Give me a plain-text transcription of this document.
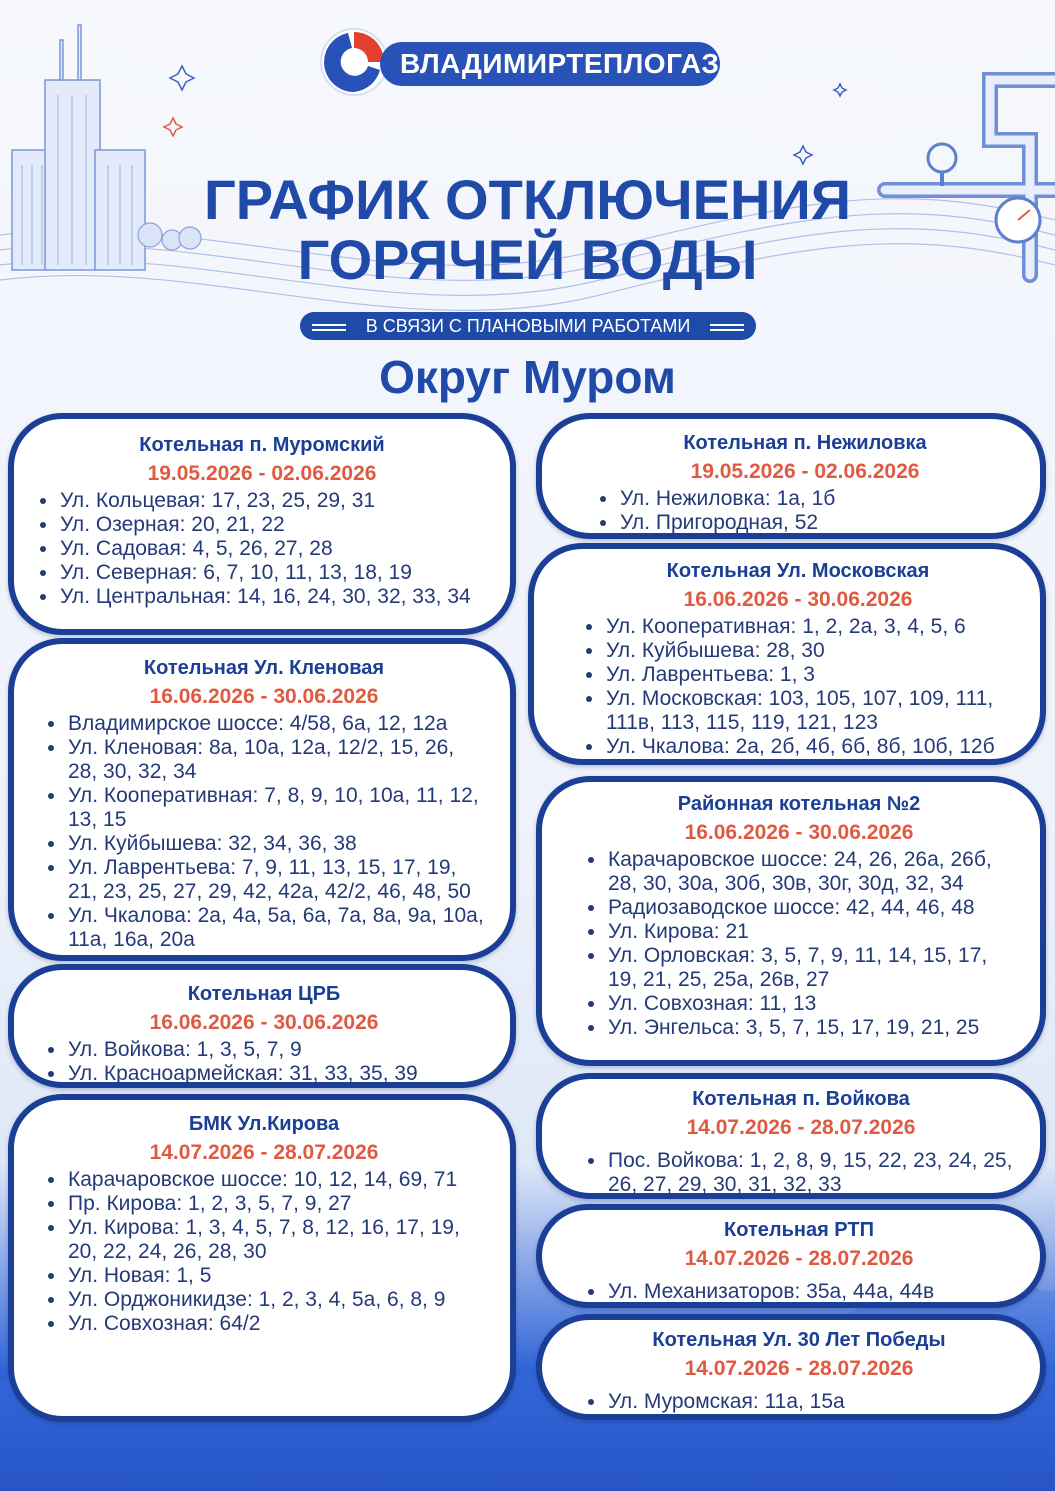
ВЛАДИМИРТЕПЛОГАЗ
ГРАФИК ОТКЛЮЧЕНИЯ
ГОРЯЧЕЙ ВОДЫ
В СВЯЗИ С ПЛАНОВЫМИ РАБОТАМИ
Округ Муром
Котельная п. Муромский
19.05.2026 - 02.06.2026
Ул. Кольцевая: 17, 23, 25, 29, 31
Ул. Озерная: 20, 21, 22
Ул. Садовая: 4, 5, 26, 27, 28
Ул. Северная: 6, 7, 10, 11, 13, 18, 19
Ул. Центральная: 14, 16, 24, 30, 32, 33, 34
Котельная Ул. Кленовая
16.06.2026 - 30.06.2026
Владимирское шоссе: 4/58, 6а, 12, 12а
Ул. Кленовая: 8а, 10а, 12а, 12/2, 15, 26, 28, 30, 32, 34
Ул. Кооперативная: 7, 8, 9, 10, 10а, 11, 12, 13, 15
Ул. Куйбышева: 32, 34, 36, 38
Ул. Лаврентьева: 7, 9, 11, 13, 15, 17, 19, 21, 23, 25, 27, 29, 42, 42а, 42/2, 46, 48, 50
Ул. Чкалова: 2а, 4а, 5а, 6а, 7а, 8а, 9а, 10а, 11а, 16а, 20а
Котельная ЦРБ
16.06.2026 - 30.06.2026
Ул. Войкова: 1, 3, 5, 7, 9
Ул. Красноармейская: 31, 33, 35, 39
БМК Ул.Кирова
14.07.2026 - 28.07.2026
Карачаровское шоссе: 10, 12, 14, 69, 71
Пр. Кирова: 1, 2, 3, 5, 7, 9, 27
Ул. Кирова: 1, 3, 4, 5, 7, 8, 12, 16, 17, 19, 20, 22, 24, 26, 28, 30
Ул. Новая: 1, 5
Ул. Орджоникидзе: 1, 2, 3, 4, 5а, 6, 8, 9
Ул. Совхозная: 64/2
Котельная п. Нежиловка
19.05.2026 - 02.06.2026
Ул. Нежиловка: 1а, 1б
Ул. Пригородная, 52
Котельная Ул. Московская
16.06.2026 - 30.06.2026
Ул. Кооперативная: 1, 2, 2а, 3, 4, 5, 6
Ул. Куйбышева: 28, 30
Ул. Лаврентьева: 1, 3
Ул. Московская: 103, 105, 107, 109, 111, 111в, 113, 115, 119, 121, 123
Ул. Чкалова: 2а, 2б, 4б, 6б, 8б, 10б, 12б
Районная котельная №2
16.06.2026 - 30.06.2026
Карачаровское шоссе: 24, 26, 26а, 26б, 28, 30, 30а, 30б, 30в, 30г, 30д, 32, 34
Радиозаводское шоссе: 42, 44, 46, 48
Ул. Кирова: 21
Ул. Орловская: 3, 5, 7, 9, 11, 14, 15, 17, 19, 21, 25, 25а, 26в, 27
Ул. Совхозная: 11, 13
Ул. Энгельса: 3, 5, 7, 15, 17, 19, 21, 25
Котельная п. Войкова
14.07.2026 - 28.07.2026
Пос. Войкова: 1, 2, 8, 9, 15, 22, 23, 24, 25, 26, 27, 29, 30, 31, 32, 33
Котельная РТП
14.07.2026 - 28.07.2026
Ул. Механизаторов: 35а, 44а, 44в
Котельная Ул. 30 Лет Победы
14.07.2026 - 28.07.2026
Ул. Муромская: 11а, 15а
